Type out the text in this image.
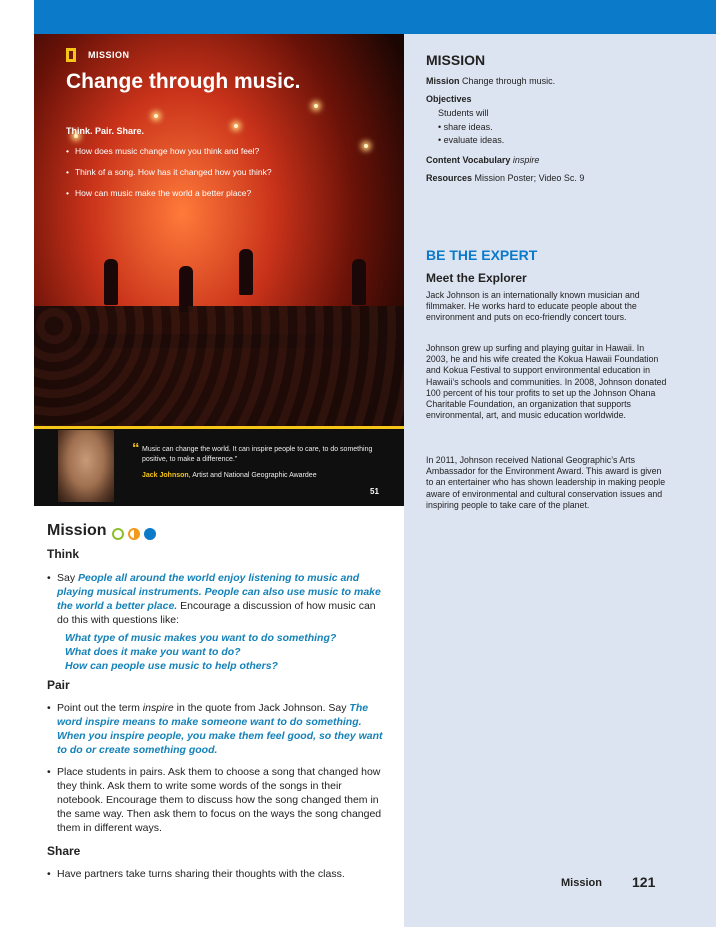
MISSION
Change through music.
Think. Pair. Share.
• How does music change how you think and feel?
• Think of a song. How has it changed how you think?
• How can music make the world a better place?
“ Music can change the world. It can inspire people to care, to do something positive, to make a difference.”
Jack Johnson, Artist and National Geographic Awardee
51
Mission
Think
• Say People all around the world enjoy listening to music and playing musical instruments. People can also use music to make the world a better place. Encourage a discussion of how music can do this with questions like:
What type of music makes you want to do something?
What does it make you want to do?
How can people use music to help others?
Pair
• Point out the term inspire in the quote from Jack Johnson. Say The word inspire means to make someone want to do something. When you inspire people, you make them feel good, so they want to do or create something good.
• Place students in pairs. Ask them to choose a song that changed how they think. Ask them to write some words of the songs in their notebook. Encourage them to discuss how the song changed them in the same way. Then ask them to focus on the ways the song changed them in different ways.
Share
• Have partners take turns sharing their thoughts with the class.
MISSION
Mission Change through music.
Objectives
Students will
• share ideas.
• evaluate ideas.
Content Vocabulary inspire
Resources Mission Poster; Video Sc. 9
BE THE EXPERT
Meet the Explorer
Jack Johnson is an internationally known musician and filmmaker. He works hard to educate people about the environment and puts on eco-friendly concert tours.
Johnson grew up surfing and playing guitar in Hawaii. In 2003, he and his wife created the Kokua Hawaii Foundation and Kokua Festival to support environmental education in Hawaii’s schools and communities. In 2008, Johnson donated 100 percent of his tour profits to set up the Johnson Ohana Charitable Foundation, an organization that supports environmental, art, and music education worldwide.
In 2011, Johnson received National Geographic’s Arts Ambassador for the Environment Award. This award is given to an entertainer who has shown leadership in making people aware of environmental and cultural conservation issues and inspiring people to take care of the planet.
Mission 121
